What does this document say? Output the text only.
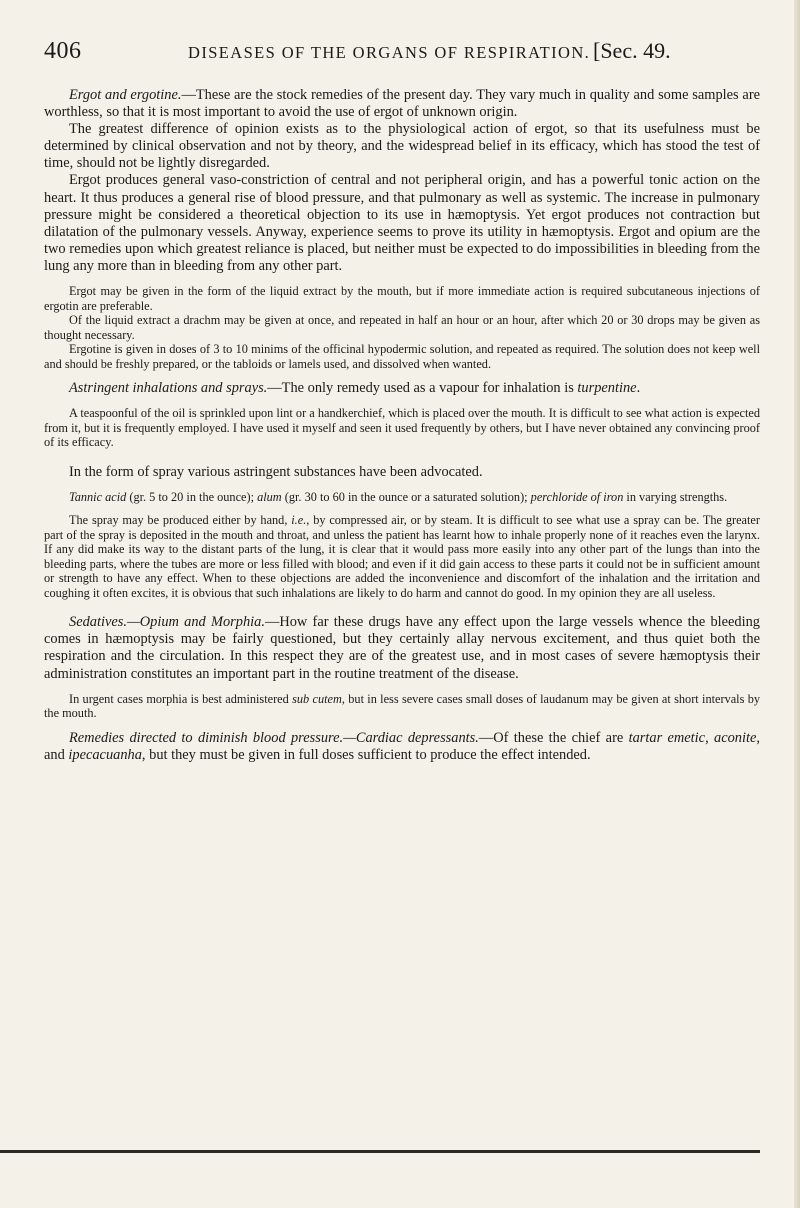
406	DISEASES OF THE ORGANS OF RESPIRATION. [Sec. 49.

Ergot and ergotine.—These are the stock remedies of the present day. They vary much in quality and some samples are worthless, so that it is most important to avoid the use of ergot of unknown origin.

The greatest difference of opinion exists as to the physiological action of ergot, so that its usefulness must be determined by clinical observation and not by theory, and the widespread belief in its efficacy, which has stood the test of time, should not be lightly disregarded.

Ergot produces general vaso-constriction of central and not peripheral origin, and has a powerful tonic action on the heart. It thus produces a general rise of blood pressure, and that pulmonary as well as systemic. The increase in pulmonary pressure might be considered a theoretical objection to its use in hæmoptysis. Yet ergot produces not contraction but dilatation of the pulmonary vessels. Anyway, experience seems to prove its utility in hæmoptysis. Ergot and opium are the two remedies upon which greatest reliance is placed, but neither must be expected to do impossibilities in bleeding from the lung any more than in bleeding from any other part.

Ergot may be given in the form of the liquid extract by the mouth, but if more immediate action is required subcutaneous injections of ergotin are preferable.

Of the liquid extract a drachm may be given at once, and repeated in half an hour or an hour, after which 20 or 30 drops may be given as thought necessary.

Ergotine is given in doses of 3 to 10 minims of the officinal hypodermic solution, and repeated as required. The solution does not keep well and should be freshly prepared, or the tabloids or lamels used, and dissolved when wanted.

Astringent inhalations and sprays.—The only remedy used as a vapour for inhalation is turpentine.

A teaspoonful of the oil is sprinkled upon lint or a handkerchief, which is placed over the mouth. It is difficult to see what action is expected from it, but it is frequently employed. I have used it myself and seen it used frequently by others, but I have never obtained any convincing proof of its efficacy.

In the form of spray various astringent substances have been advocated.

Tannic acid (gr. 5 to 20 in the ounce); alum (gr. 30 to 60 in the ounce or a saturated solution); perchloride of iron in varying strengths.

The spray may be produced either by hand, i.e., by compressed air, or by steam. It is difficult to see what use a spray can be. The greater part of the spray is deposited in the mouth and throat, and unless the patient has learnt how to inhale properly none of it reaches even the larynx. If any did make its way to the distant parts of the lung, it is clear that it would pass more easily into any other part of the lungs than into the bleeding parts, where the tubes are more or less filled with blood; and even if it did gain access to these parts it could not be in sufficient amount or strength to have any effect. When to these objections are added the inconvenience and discomfort of the inhalation and the irritation and coughing it often excites, it is obvious that such inhalations are likely to do harm and cannot do good. In my opinion they are all useless.

Sedatives.—Opium and Morphia.—How far these drugs have any effect upon the large vessels whence the bleeding comes in hæmoptysis may be fairly questioned, but they certainly allay nervous excitement, and thus quiet both the respiration and the circulation. In this respect they are of the greatest use, and in most cases of severe hæmoptysis their administration constitutes an important part in the routine treatment of the disease.

In urgent cases morphia is best administered sub cutem, but in less severe cases small doses of laudanum may be given at short intervals by the mouth.

Remedies directed to diminish blood pressure.—Cardiac depressants.—Of these the chief are tartar emetic, aconite, and ipecacuanha, but they must be given in full doses sufficient to produce the effect intended.
